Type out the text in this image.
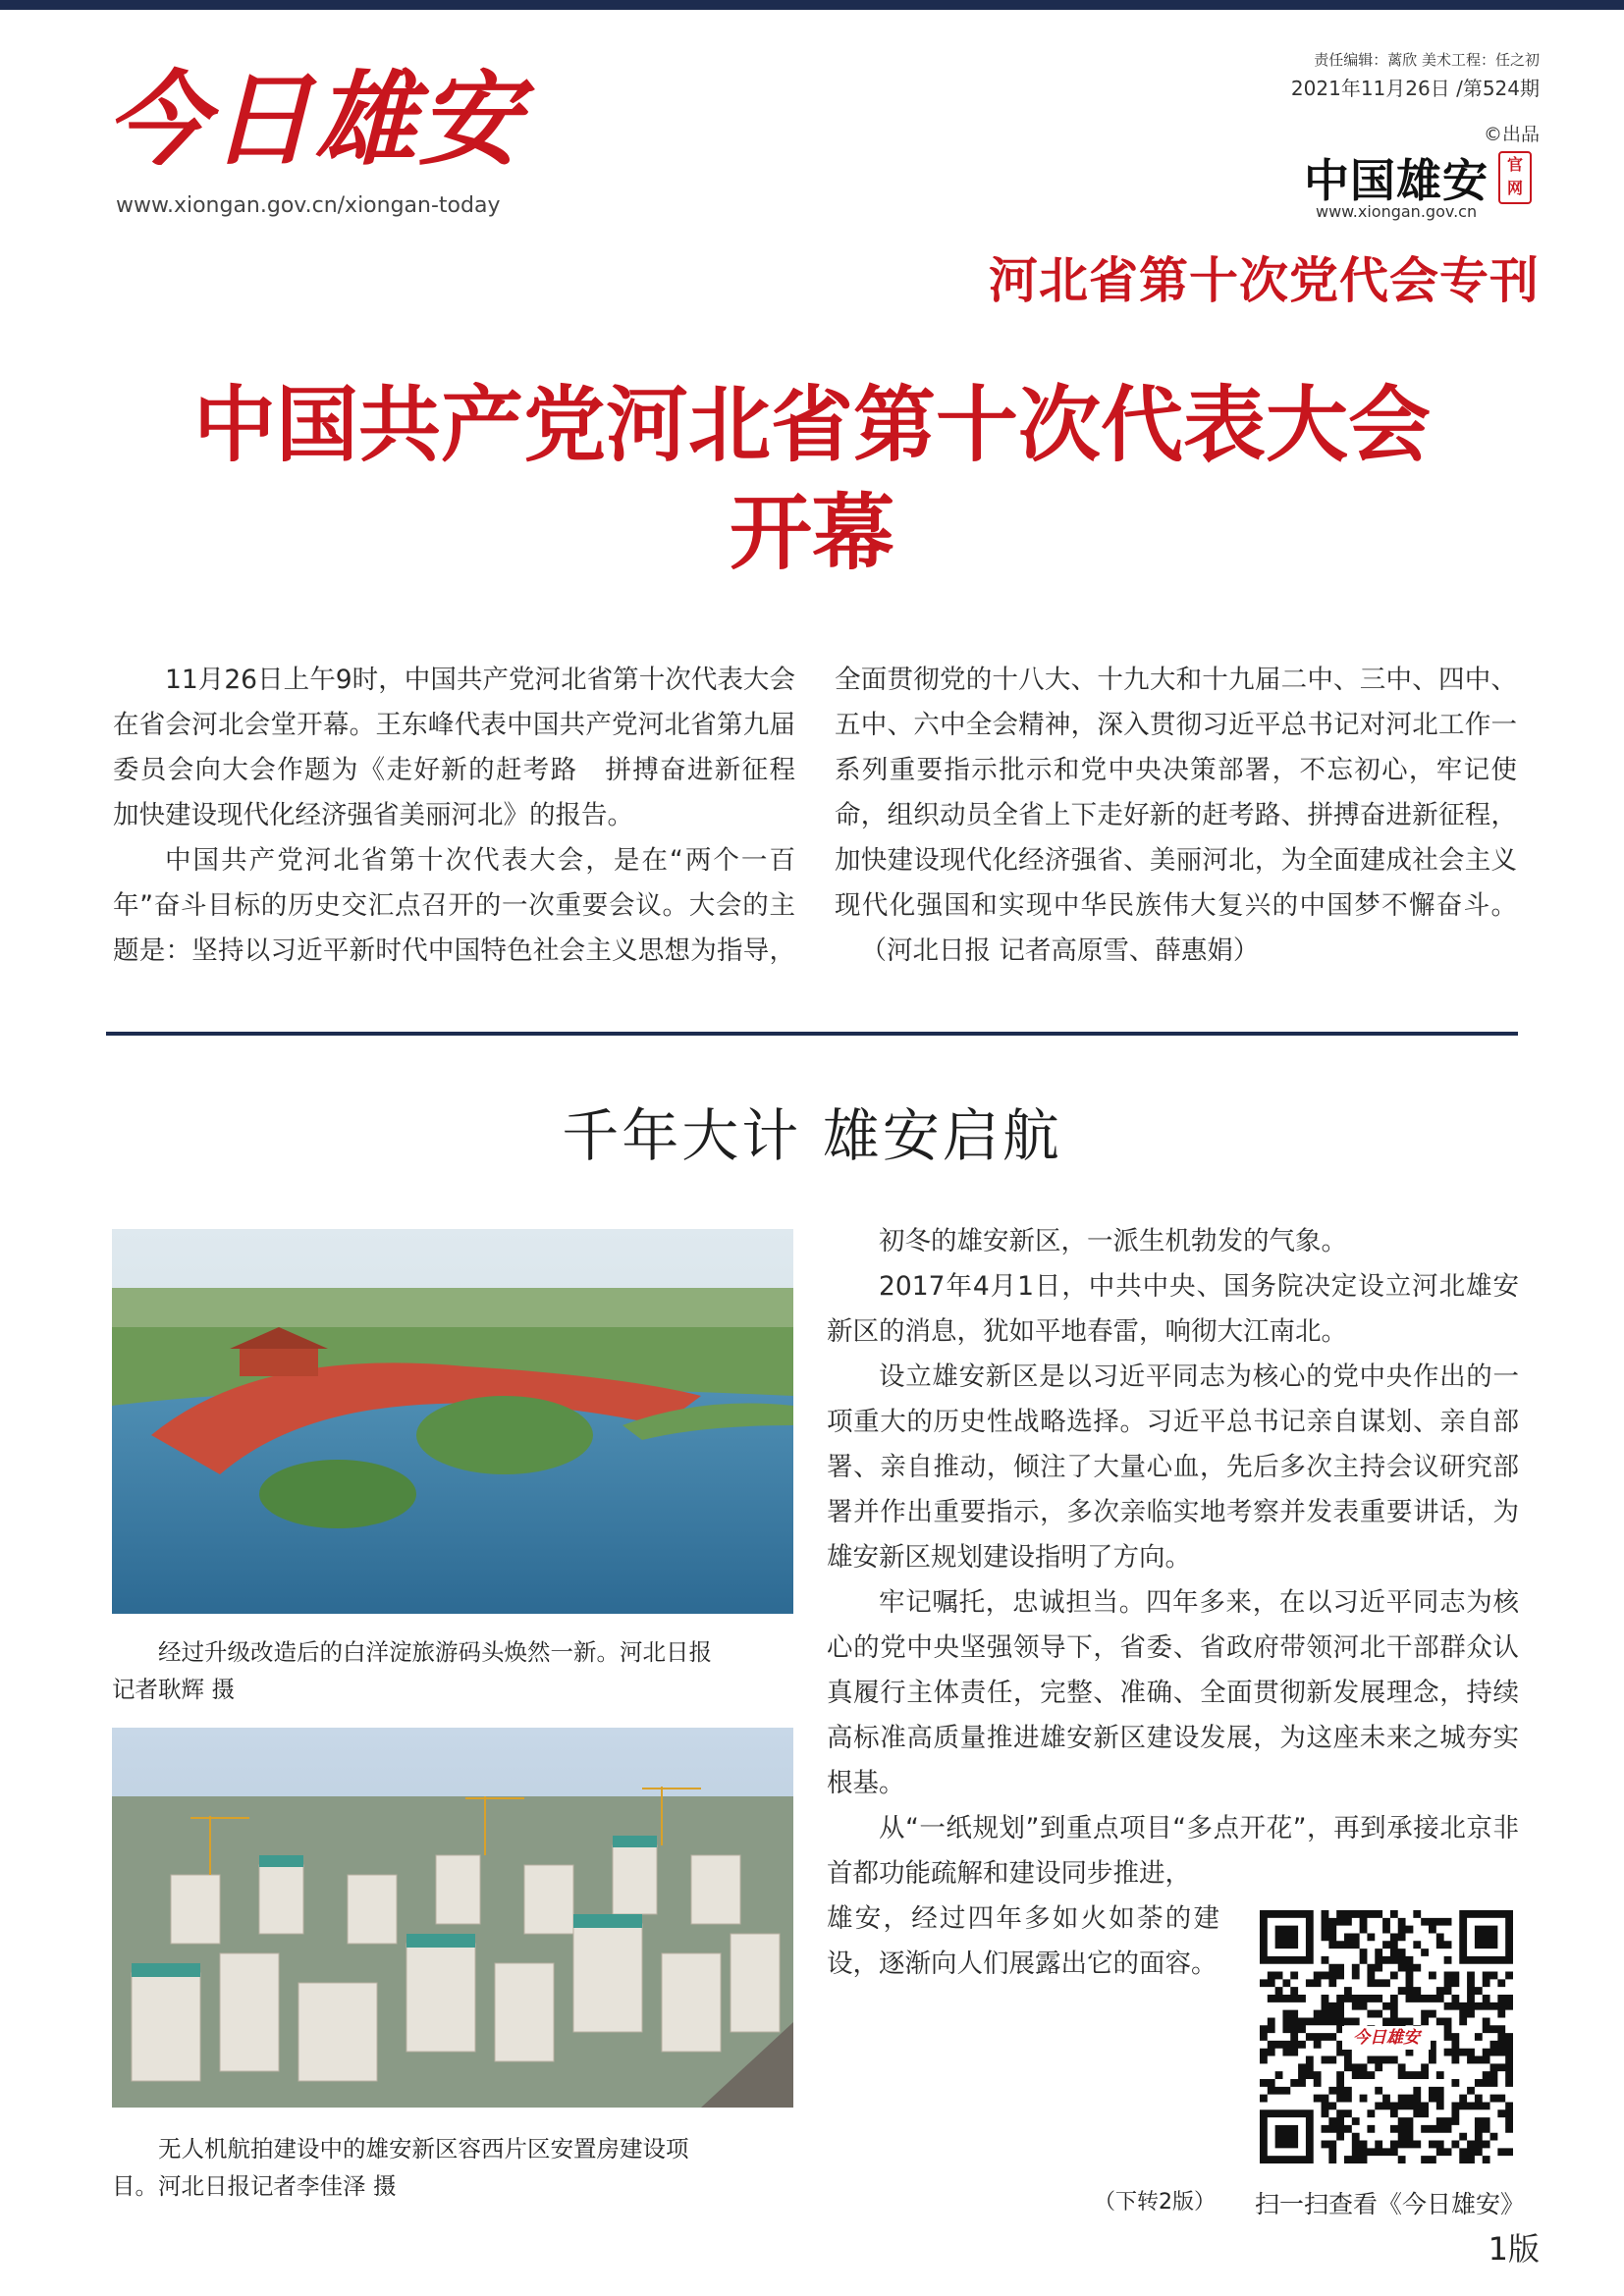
今日雄安
www.xiongan.gov.cn/xiongan-today
责任编辑：蓠欣 美术工程：任之初
2021年11月26日 /第524期
©出品
中国雄安	官网
www.xiongan.gov.cn
河北省第十次党代会专刊
中国共产党河北省第十次代表大会
开幕

11月26日上午9时，中国共产党河北省第十次代表大会在省会河北会堂开幕。王东峰代表中国共产党河北省第九届委员会向大会作题为《走好新的赶考路　拼搏奋进新征程 加快建设现代化经济强省美丽河北》的报告。

中国共产党河北省第十次代表大会，是在“两个一百年”奋斗目标的历史交汇点召开的一次重要会议。大会的主题是：坚持以习近平新时代中国特色社会主义思想为指导，全面贯彻党的十八大、十九大和十九届二中、三中、四中、五中、六中全会精神，深入贯彻习近平总书记对河北工作一系列重要指示批示和党中央决策部署，不忘初心，牢记使命，组织动员全省上下走好新的赶考路、拼搏奋进新征程，加快建设现代化经济强省、美丽河北，为全面建成社会主义现代化强国和实现中华民族伟大复兴的中国梦不懈奋斗。（河北日报 记者高原雪、薛惠娟）

千年大计 雄安启航
经过升级改造后的白洋淀旅游码头焕然一新。河北日报
记者耿辉 摄
无人机航拍建设中的雄安新区容西片区安置房建设项
目。河北日报记者李佳泽 摄

初冬的雄安新区，一派生机勃发的气象。

2017年4月1日，中共中央、国务院决定设立河北雄安新区的消息，犹如平地春雷，响彻大江南北。

设立雄安新区是以习近平同志为核心的党中央作出的一项重大的历史性战略选择。习近平总书记亲自谋划、亲自部署、亲自推动，倾注了大量心血，先后多次主持会议研究部署并作出重要指示，多次亲临实地考察并发表重要讲话，为雄安新区规划建设指明了方向。

牢记嘱托，忠诚担当。四年多来，在以习近平同志为核心的党中央坚强领导下，省委、省政府带领河北干部群众认真履行主体责任，完整、准确、全面贯彻新发展理念，持续高标准高质量推进雄安新区建设发展，为这座未来之城夯实根基。

从“一纸规划”到重点项目“多点开花”，再到承接北京非首都功能疏解和建设同步推进，

雄安，经过四年多如火如荼的建设，逐渐向人们展露出它的面容。

今日雄安
（下转2版） 扫一扫查看《今日雄安》
1版
